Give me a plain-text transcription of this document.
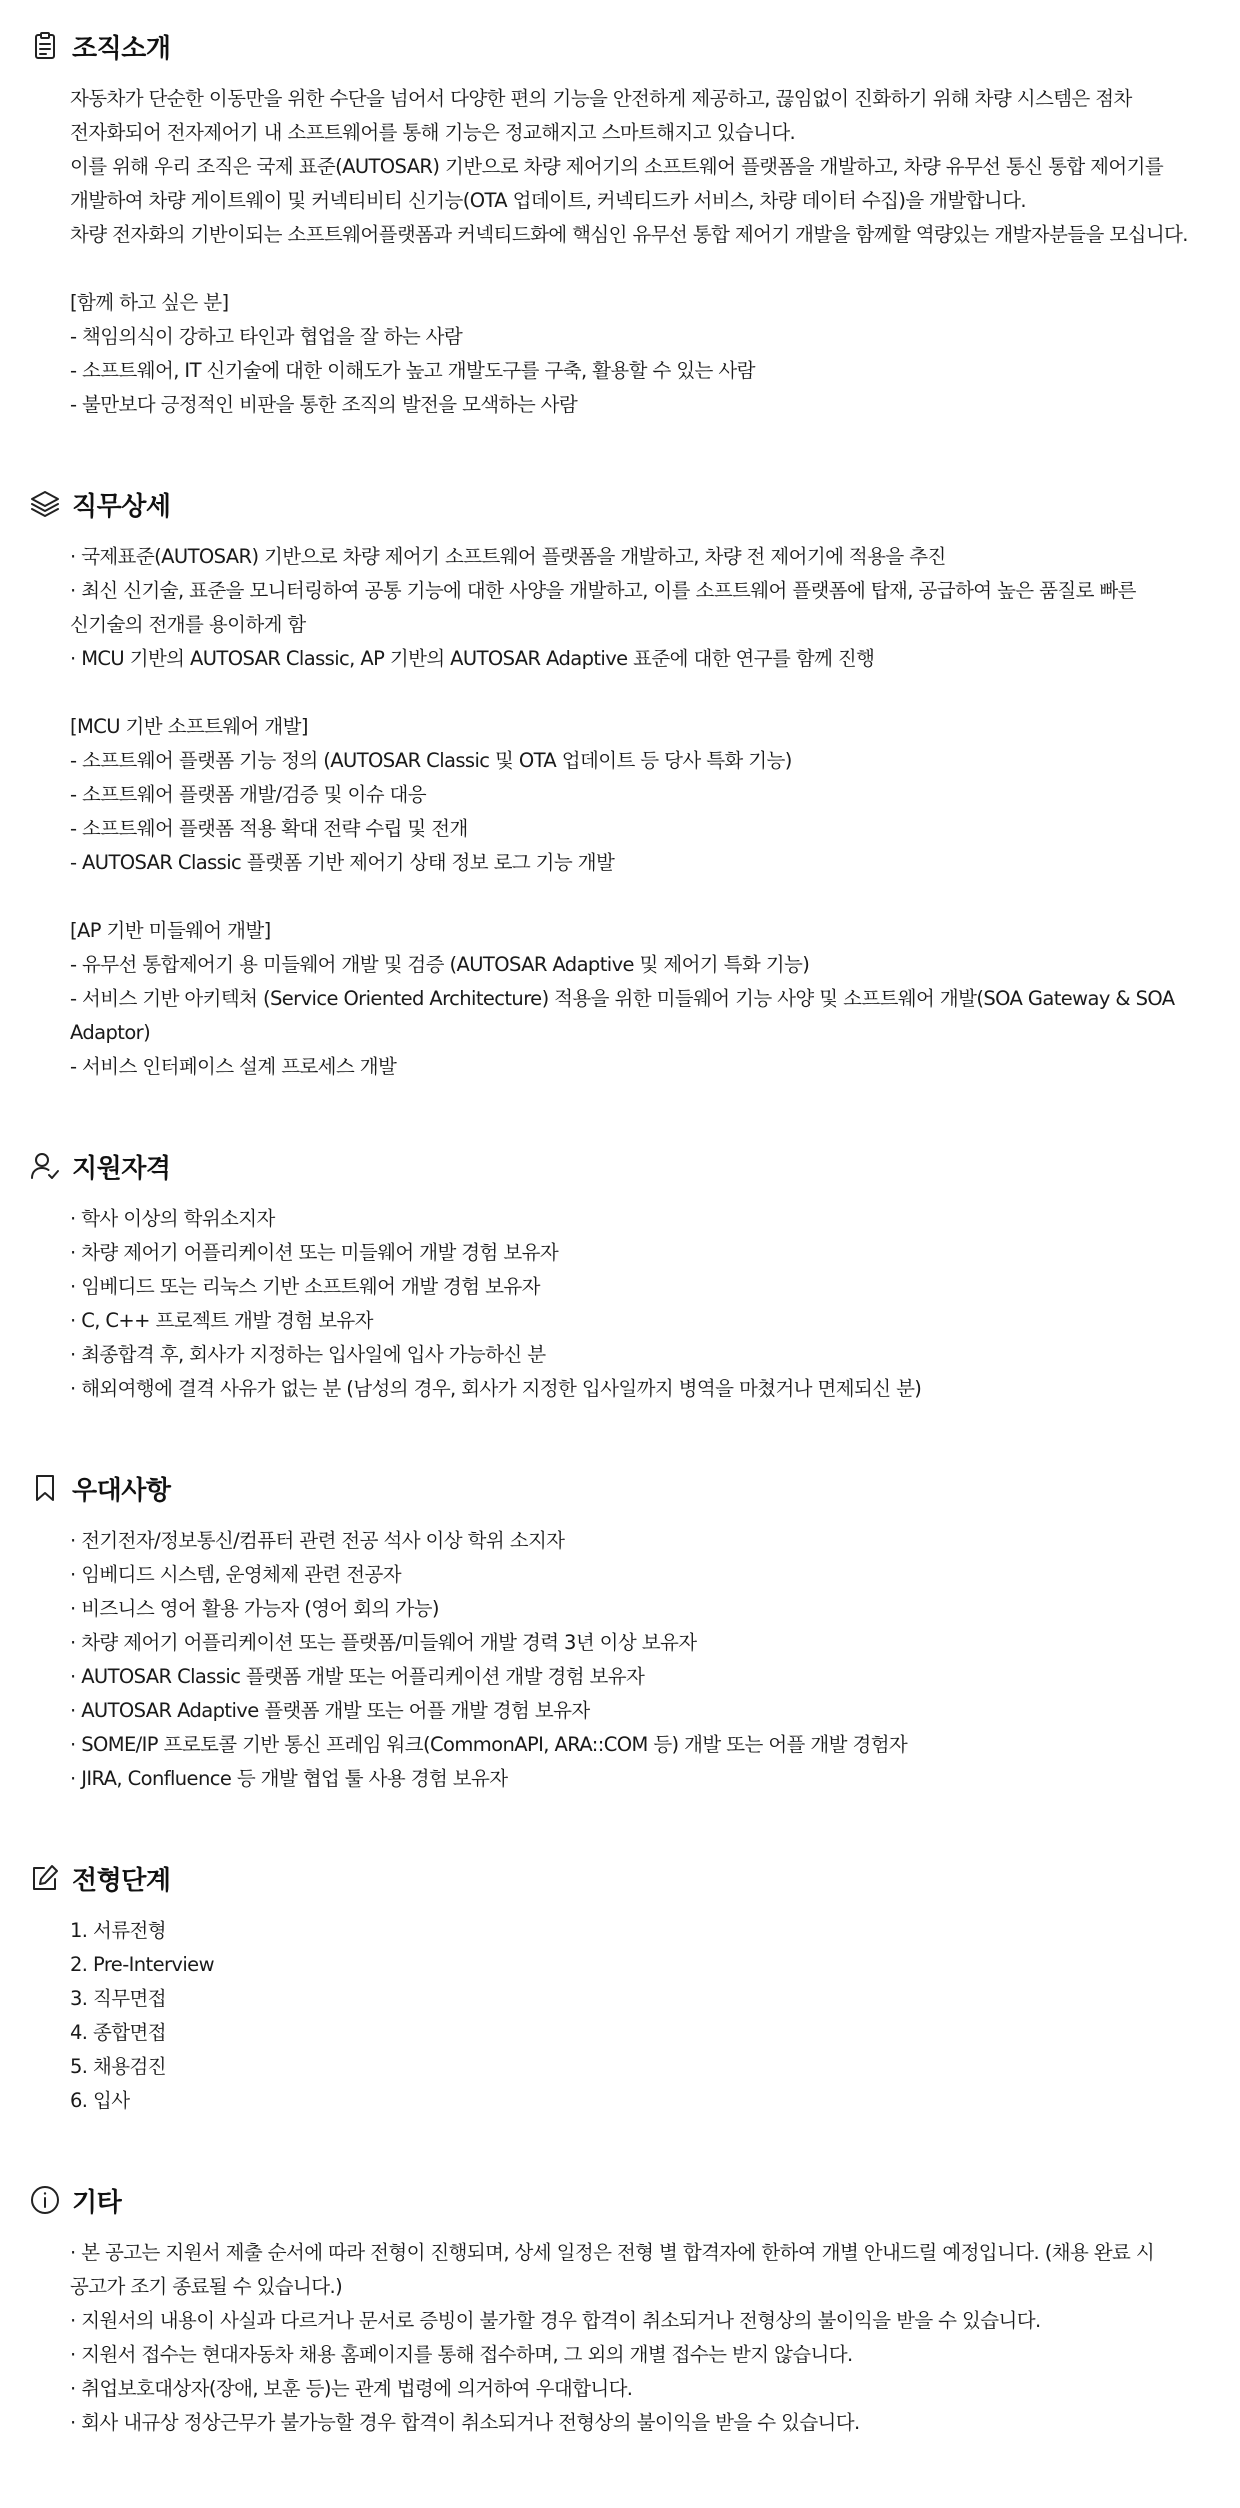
조직소개
자동차가 단순한 이동만을 위한 수단을 넘어서 다양한 편의 기능을 안전하게 제공하고, 끊임없이 진화하기 위해 차량 시스템은 점차
전자화되어 전자제어기 내 소프트웨어를 통해 기능은 정교해지고 스마트해지고 있습니다.
이를 위해 우리 조직은 국제 표준(AUTOSAR) 기반으로 차량 제어기의 소프트웨어 플랫폼을 개발하고, 차량 유무선 통신 통합 제어기를
개발하여 차량 게이트웨이 및 커넥티비티 신기능(OTA 업데이트, 커넥티드카 서비스, 차량 데이터 수집)을 개발합니다.
차량 전자화의 기반이되는 소프트웨어플랫폼과 커넥티드화에 핵심인 유무선 통합 제어기 개발을 함께할 역량있는 개발자분들을 모십니다.
[함께 하고 싶은 분]
- 책임의식이 강하고 타인과 협업을 잘 하는 사람
- 소프트웨어, IT 신기술에 대한 이해도가 높고 개발도구를 구축, 활용할 수 있는 사람
- 불만보다 긍정적인 비판을 통한 조직의 발전을 모색하는 사람
직무상세
· 국제표준(AUTOSAR) 기반으로 차량 제어기 소프트웨어 플랫폼을 개발하고, 차량 전 제어기에 적용을 추진
· 최신 신기술, 표준을 모니터링하여 공통 기능에 대한 사양을 개발하고, 이를 소프트웨어 플랫폼에 탑재, 공급하여 높은 품질로 빠른
신기술의 전개를 용이하게 함
· MCU 기반의 AUTOSAR Classic, AP 기반의 AUTOSAR Adaptive 표준에 대한 연구를 함께 진행
[MCU 기반 소프트웨어 개발]
- 소프트웨어 플랫폼 기능 정의 (AUTOSAR Classic 및 OTA 업데이트 등 당사 특화 기능)
- 소프트웨어 플랫폼 개발/검증 및 이슈 대응
- 소프트웨어 플랫폼 적용 확대 전략 수립 및 전개
- AUTOSAR Classic 플랫폼 기반 제어기 상태 정보 로그 기능 개발
[AP 기반 미들웨어 개발]
- 유무선 통합제어기 용 미들웨어 개발 및 검증 (AUTOSAR Adaptive 및 제어기 특화 기능)
- 서비스 기반 아키텍처 (Service Oriented Architecture) 적용을 위한 미들웨어 기능 사양 및 소프트웨어 개발(SOA Gateway & SOA
Adaptor)
- 서비스 인터페이스 설계 프로세스 개발
지원자격
· 학사 이상의 학위소지자
· 차량 제어기 어플리케이션 또는 미들웨어 개발 경험 보유자
· 임베디드 또는 리눅스 기반 소프트웨어 개발 경험 보유자
· C, C++ 프로젝트 개발 경험 보유자
· 최종합격 후, 회사가 지정하는 입사일에 입사 가능하신 분
· 해외여행에 결격 사유가 없는 분 (남성의 경우, 회사가 지정한 입사일까지 병역을 마쳤거나 면제되신 분)
우대사항
· 전기전자/정보통신/컴퓨터 관련 전공 석사 이상 학위 소지자
· 임베디드 시스템, 운영체제 관련 전공자
· 비즈니스 영어 활용 가능자 (영어 회의 가능)
· 차량 제어기 어플리케이션 또는 플랫폼/미들웨어 개발 경력 3년 이상 보유자
· AUTOSAR Classic 플랫폼 개발 또는 어플리케이션 개발 경험 보유자
· AUTOSAR Adaptive 플랫폼 개발 또는 어플 개발 경험 보유자
· SOME/IP 프로토콜 기반 통신 프레임 워크(CommonAPI, ARA::COM 등) 개발 또는 어플 개발 경험자
· JIRA, Confluence 등 개발 협업 툴 사용 경험 보유자
전형단계
1. 서류전형
2. Pre-Interview
3. 직무면접
4. 종합면접
5. 채용검진
6. 입사
기타
· 본 공고는 지원서 제출 순서에 따라 전형이 진행되며, 상세 일정은 전형 별 합격자에 한하여 개별 안내드릴 예정입니다. (채용 완료 시
공고가 조기 종료될 수 있습니다.)
· 지원서의 내용이 사실과 다르거나 문서로 증빙이 불가할 경우 합격이 취소되거나 전형상의 불이익을 받을 수 있습니다.
· 지원서 접수는 현대자동차 채용 홈페이지를 통해 접수하며, 그 외의 개별 접수는 받지 않습니다.
· 취업보호대상자(장애, 보훈 등)는 관계 법령에 의거하여 우대합니다.
· 회사 내규상 정상근무가 불가능할 경우 합격이 취소되거나 전형상의 불이익을 받을 수 있습니다.
